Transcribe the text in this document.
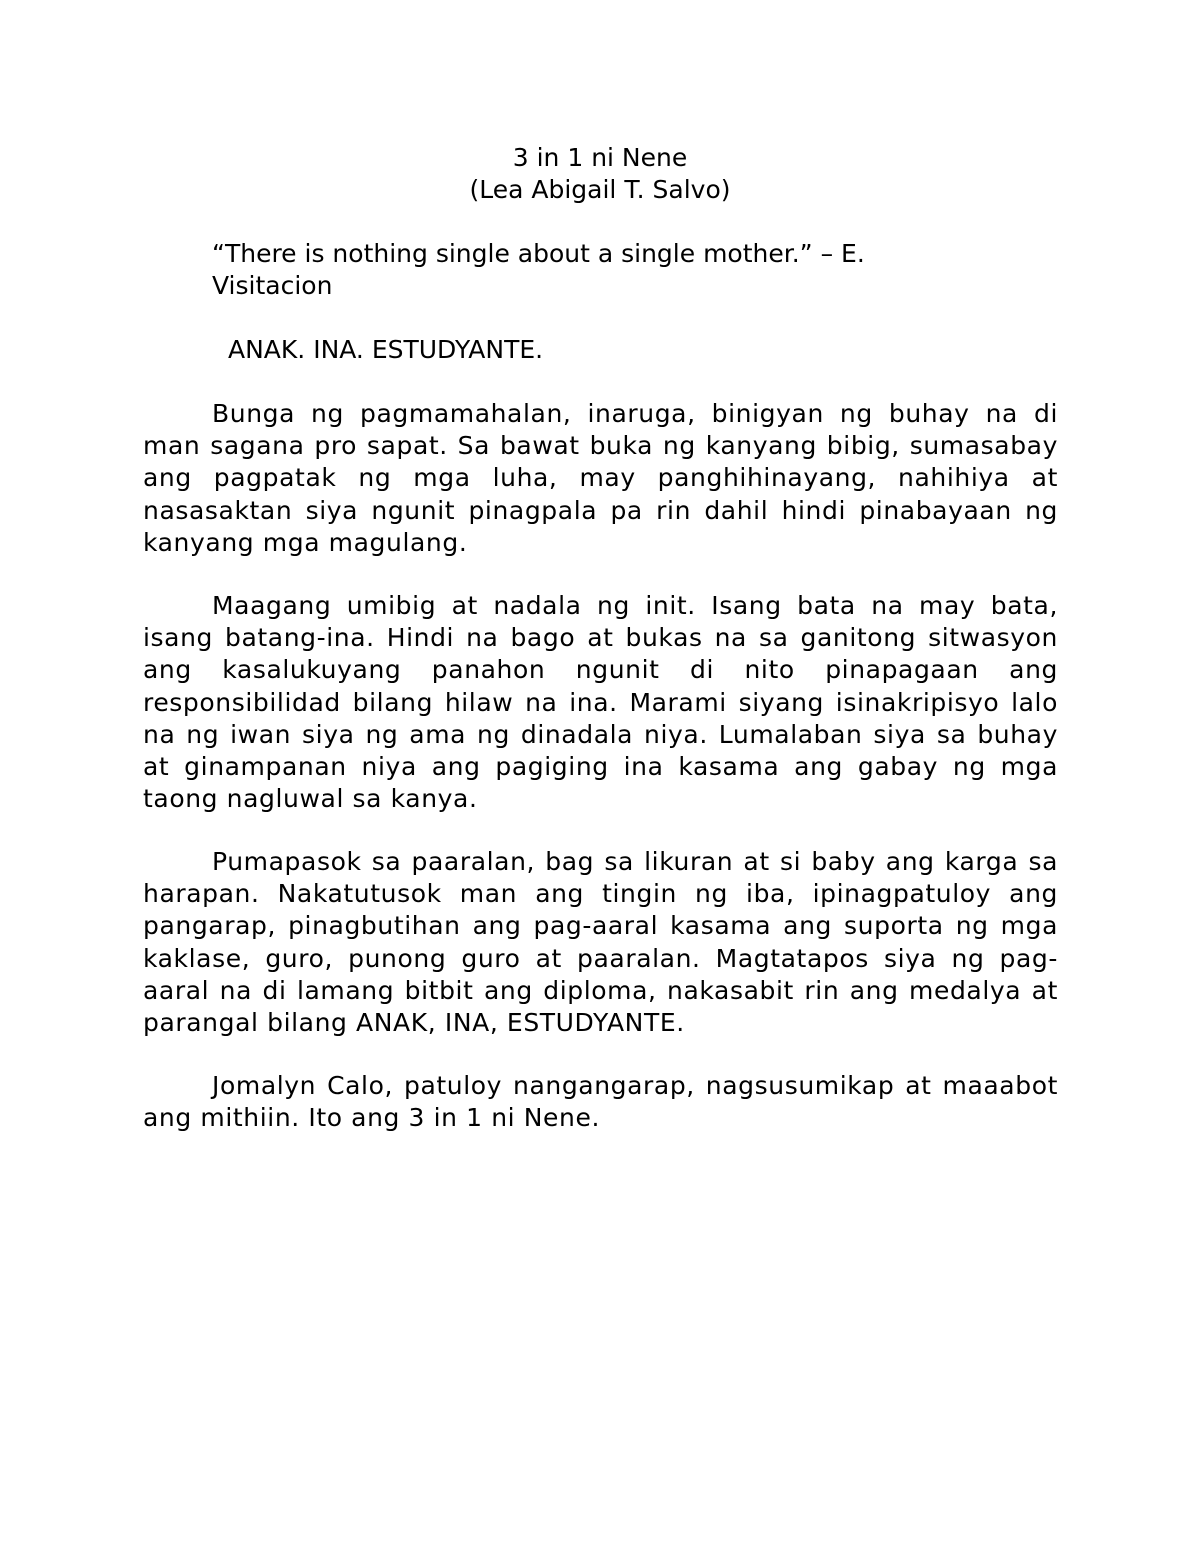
3 in 1 ni Nene

(Lea Abigail T. Salvo)

“There is nothing single about a single mother.” – E.
Visitacion

ANAK. INA. ESTUDYANTE.

Bunga ng pagmamahalan, inaruga, binigyan ng buhay na di man sagana pro sapat. Sa bawat buka ng kanyang bibig, sumasabay ang pagpatak ng mga luha, may panghihinayang, nahihiya at nasasaktan siya ngunit pinagpala pa rin dahil hindi pinabayaan ng kanyang mga magulang.

Maagang umibig at nadala ng init. Isang bata na may bata, isang batang-ina. Hindi na bago at bukas na sa ganitong sitwasyon ang kasalukuyang panahon ngunit di nito pinapagaan ang responsibilidad bilang hilaw na ina. Marami siyang isinakripisyo lalo na ng iwan siya ng ama ng dinadala niya. Lumalaban siya sa buhay at ginampanan niya ang pagiging ina kasama ang gabay ng mga taong nagluwal sa kanya.

Pumapasok sa paaralan, bag sa likuran at si baby ang karga sa harapan. Nakatutusok man ang tingin ng iba, ipinagpatuloy ang pangarap, pinagbutihan ang pag-aaral kasama ang suporta ng mga kaklase, guro, punong guro at paaralan. Magtatapos siya ng pag-aaral na di lamang bitbit ang diploma, nakasabit rin ang medalya at parangal bilang ANAK, INA, ESTUDYANTE.

Jomalyn Calo, patuloy nangangarap, nagsusumikap at maaabot ang mithiin. Ito ang 3 in 1 ni Nene.
